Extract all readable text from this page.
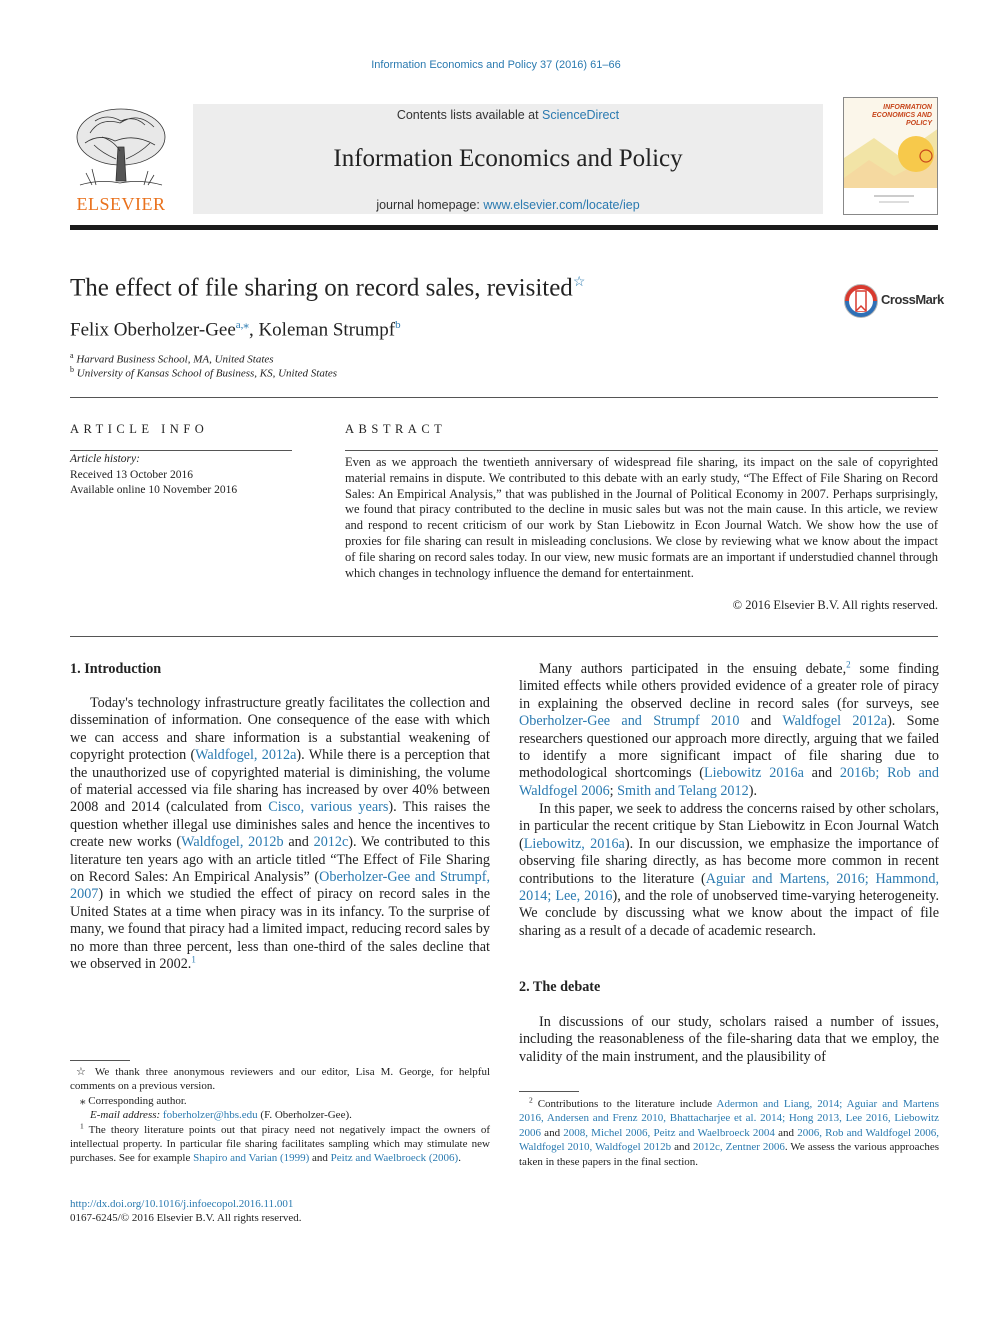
Information Economics and Policy 37 (2016) 61–66
ELSEVIER
Contents lists available at ScienceDirect
Information Economics and Policy
journal homepage: www.elsevier.com/locate/iep
INFORMATION ECONOMICS AND POLICY
The effect of file sharing on record sales, revisited☆
CrossMark
Felix Oberholzer-Gee$^{a,⁎}$, Koleman Strumpf$^b$
$^a$ Harvard Business School, MA, United States
$^b$ University of Kansas School of Business, KS, United States
ARTICLE INFO
Article history:
Received 13 October 2016
Available online 10 November 2016
ABSTRACT
Even as we approach the twentieth anniversary of widespread file sharing, its impact on the sale of copyrighted material remains in dispute. We contributed to this debate with an early study, “The Effect of File Sharing on Record Sales: An Empirical Analysis,” that was published in the Journal of Political Economy in 2007. Perhaps surprisingly, we found that piracy contributed to the decline in music sales but was not the main cause. In this article, we review and respond to recent criticism of our work by Stan Liebowitz in Econ Journal Watch. We show how the use of proxies for file sharing can result in misleading conclusions. We close by reviewing what we know about the impact of file sharing on record sales today. In our view, new music formats are an important if understudied channel through which changes in technology influence the demand for entertainment.
© 2016 Elsevier B.V. All rights reserved.
1. Introduction

Today's technology infrastructure greatly facilitates the collection and dissemination of information. One consequence of the ease with which we can access and share information is a substantial weakening of copyright protection (Waldfogel, 2012a). While there is a perception that the unauthorized use of copyrighted material is diminishing, the volume of material accessed via file sharing has increased by over 40% between 2008 and 2014 (calculated from Cisco, various years). This raises the question whether illegal use diminishes sales and hence the incentives to create new works (Waldfogel, 2012b and 2012c). We contributed to this literature ten years ago with an article titled “The Effect of File Sharing on Record Sales: An Empirical Analysis” (Oberholzer-Gee and Strumpf, 2007) in which we studied the effect of piracy on record sales in the United States at a time when piracy was in its infancy. To the surprise of many, we found that piracy had a limited impact, reducing record sales by no more than three percent, less than one-third of the sales decline that we observed in 2002.$^1$

Many authors participated in the ensuing debate,$^2$ some finding limited effects while others provided evidence of a greater role of piracy in explaining the observed decline in record sales (for surveys, see Oberholzer-Gee and Strumpf 2010 and Waldfogel 2012a). Some researchers questioned our approach more directly, arguing that we failed to identify a more significant impact of file sharing due to methodological shortcomings (Liebowitz 2016a and 2016b; Rob and Waldfogel 2006; Smith and Telang 2012).

In this paper, we seek to address the concerns raised by other scholars, in particular the recent critique by Stan Liebowitz in Econ Journal Watch (Liebowitz, 2016a). In our discussion, we emphasize the importance of observing file sharing directly, as has become more common in recent contributions to the literature (Aguiar and Martens, 2016; Hammond, 2014; Lee, 2016), and the role of unobserved time-varying heterogeneity. We conclude by discussing what we know about the impact of file sharing as a result of a decade of academic research.

2. The debate

In discussions of our study, scholars raised a number of issues, including the reasonableness of the file-sharing data that we employ, the validity of the main instrument, and the plausibility of

☆ We thank three anonymous reviewers and our editor, Lisa M. George, for helpful comments on a previous version.
⁎ Corresponding author.
E-mail address: foberholzer@hbs.edu (F. Oberholzer-Gee).
$^1$ The theory literature points out that piracy need not negatively impact the owners of intellectual property. In particular file sharing facilitates sampling which may stimulate new purchases. See for example Shapiro and Varian (1999) and Peitz and Waelbroeck (2006).
$^2$ Contributions to the literature include Adermon and Liang, 2014; Aguiar and Martens 2016, Andersen and Frenz 2010, Bhattacharjee et al. 2014; Hong 2013, Lee 2016, Liebowitz 2006 and 2008, Michel 2006, Peitz and Waelbroeck 2004 and 2006, Rob and Waldfogel 2006, Waldfogel 2010, Waldfogel 2012b and 2012c, Zentner 2006. We assess the various approaches taken in these papers in the final section.
http://dx.doi.org/10.1016/j.infoecopol.2016.11.001
0167-6245/© 2016 Elsevier B.V. All rights reserved.
